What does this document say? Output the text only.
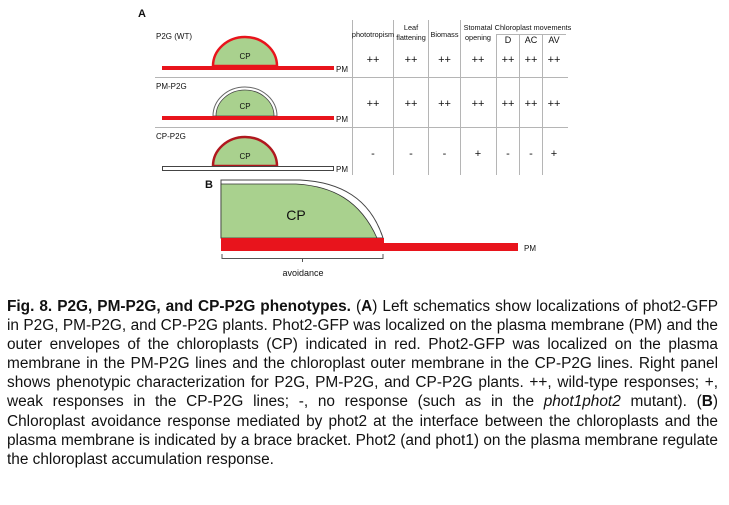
A
B
phototropism
Leaf
flattening Biomass
Stomatal
opening
Chloroplast movements
D AC AV
P2G (WT)
CP
PM
++ ++ ++ ++ ++ ++ ++
PM-P2G
CP
PM
++ ++ ++ ++ ++ ++ ++
CP-P2G
CP
PM
-	-	-	+ - - +
CP
PM
avoidance

Fig. 8. P2G, PM-P2G, and CP-P2G phenotypes. (A) Left schematics show localizations of phot2-GFP in P2G, PM-P2G, and CP-P2G plants. Phot2-GFP was localized on the plasma membrane (PM) and the outer envelopes of the chloroplasts (CP) indicated in red. Phot2-GFP was localized on the plasma membrane in the PM-P2G lines and the chloroplast outer membrane in the CP-P2G lines. Right panel shows phenotypic characterization for P2G, PM-P2G, and CP-P2G plants. ++, wild-type responses; +, weak responses in the CP-P2G lines; -, no response (such as in the phot1phot2 mutant). (B) Chloroplast avoidance response mediated by phot2 at the interface between the chloroplasts and the plasma membrane is indicated by a brace bracket. Phot2 (and phot1) on the plasma membrane regulate the chloroplast accumulation response.
